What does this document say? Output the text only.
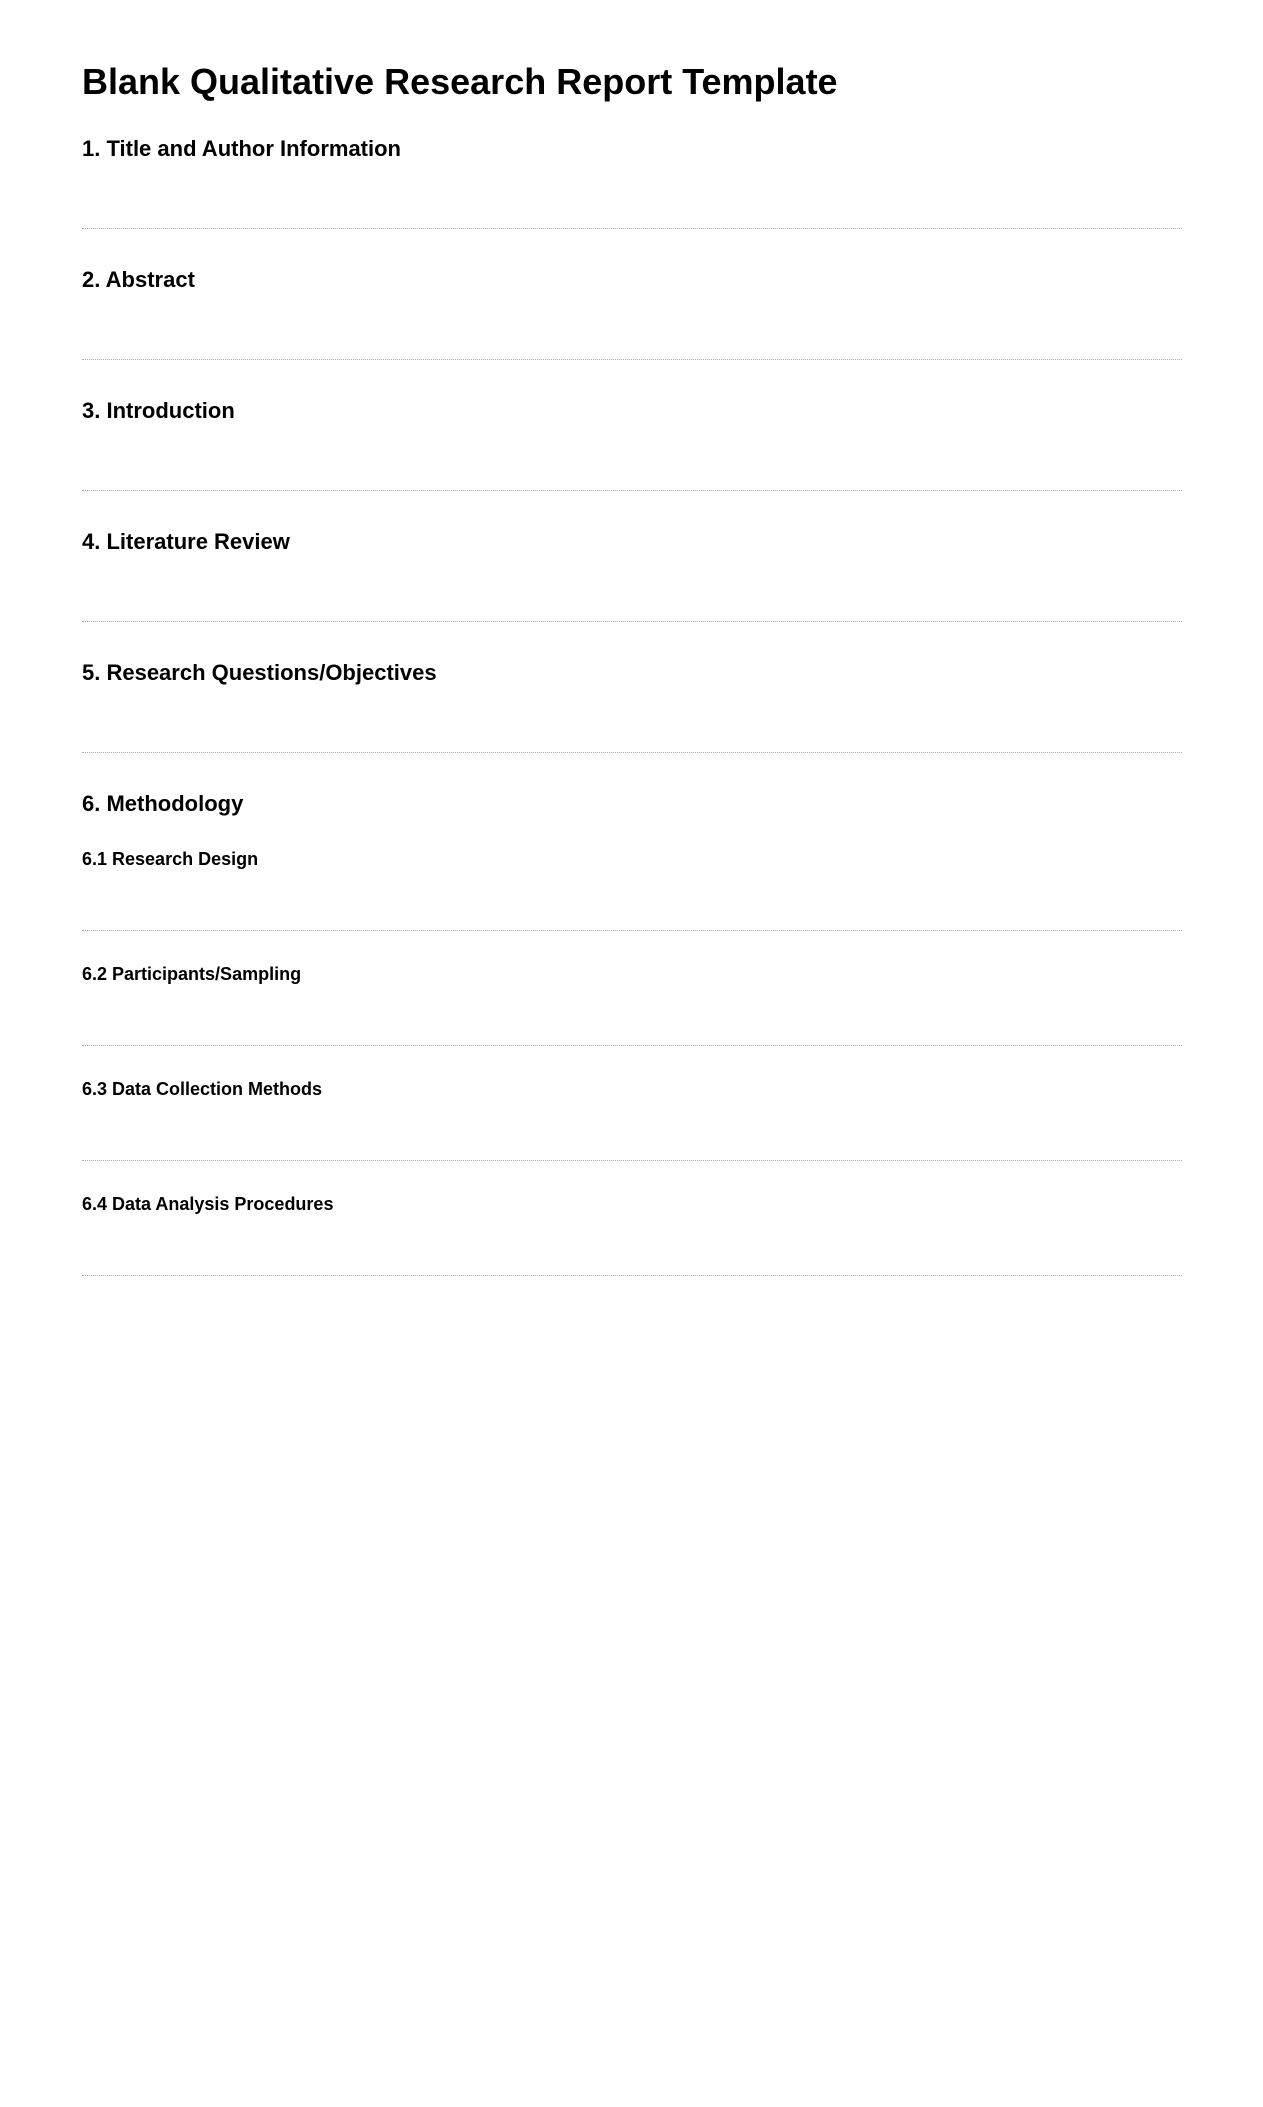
Blank Qualitative Research Report Template
1. Title and Author Information
2. Abstract
3. Introduction
4. Literature Review
5. Research Questions/Objectives
6. Methodology
6.1 Research Design
6.2 Participants/Sampling
6.3 Data Collection Methods
6.4 Data Analysis Procedures
